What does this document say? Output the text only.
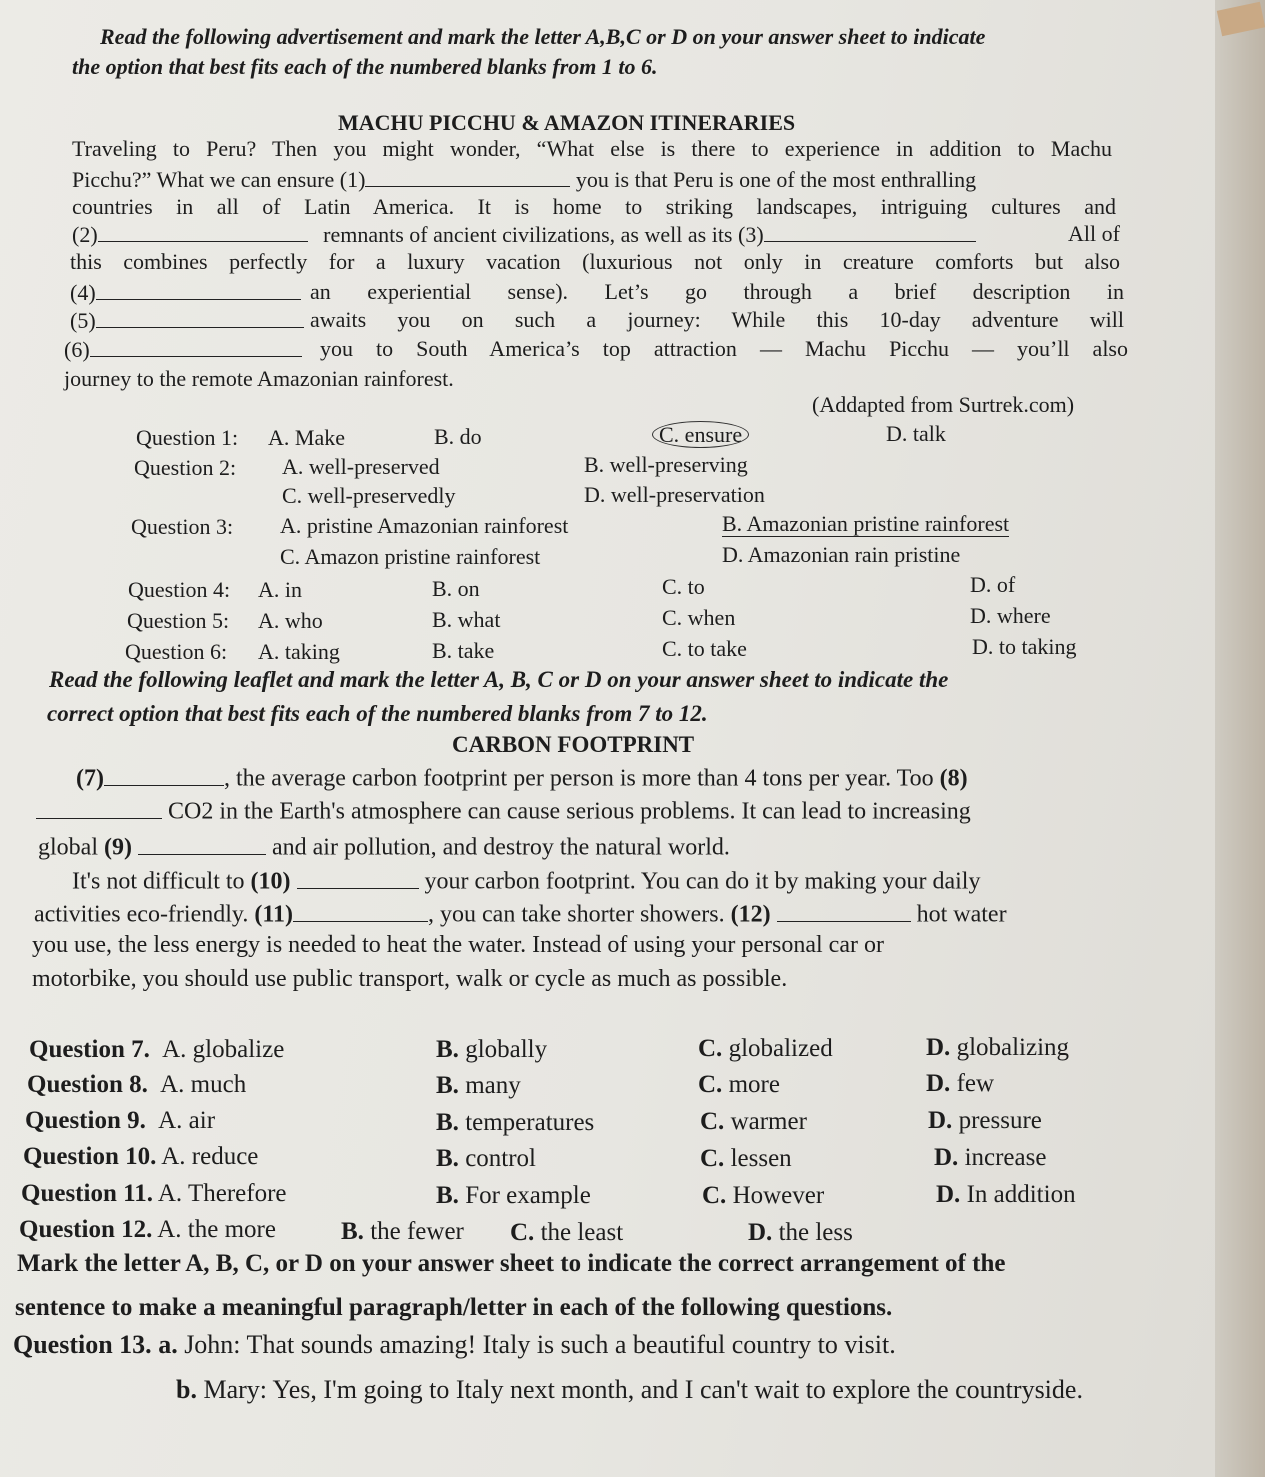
Read the following advertisement and mark the letter A,B,C or D on your answer sheet to indicate
the option that best fits each of the numbered blanks from 1 to 6.
MACHU PICCHU & AMAZON ITINERARIES
Traveling to Peru? Then you might wonder, “What else is there to experience in addition to Machu
Picchu?” What we can ensure (1)	you is that Peru is one of the most enthralling
countries in all of Latin America. It is home to striking landscapes, intriguing cultures and
(2)	remnants of ancient civilizations, as well as its (3)	All of
this combines perfectly for a luxury vacation (luxurious not only in creature comforts but also
(4)	an experiential sense). Let’s go through a brief description in
(5)	awaits you on such a journey: While this 10-day adventure will
(6)	you to South America’s top attraction — Machu Picchu — you’ll also
journey to the remote Amazonian rainforest.
(Addapted from Surtrek.com)
Question 1: A. Make	B. do	C. ensure	D. talk
Question 2: A. well-preserved	B. well-preserving
C. well-preservedly	D. well-preservation
Question 3: A. pristine Amazonian rainforest	B. Amazonian pristine rainforest
C. Amazon pristine rainforest	D. Amazonian rain pristine
Question 4: A. in	B. on	C. to	D. of
Question 5: A. who	B. what	C. when	D. where
Question 6: A. taking	B. take	C. to take	D. to taking
Read the following leaflet and mark the letter A, B, C or D on your answer sheet to indicate the
correct option that best fits each of the numbered blanks from 7 to 12.
CARBON FOOTPRINT
(7)	, the average carbon footprint per person is more than 4 tons per year. Too (8)
CO2 in the Earth's atmosphere can cause serious problems. It can lead to increasing
global (9)	and air pollution, and destroy the natural world.
It's not difficult to (10)	your carbon footprint. You can do it by making your daily
activities eco-friendly. (11)	, you can take shorter showers. (12)	hot water
you use, the less energy is needed to heat the water. Instead of using your personal car or
motorbike, you should use public transport, walk or cycle as much as possible.
Question 7. A. globalize	B. globally	C. globalized	D. globalizing
Question 8. A. much	B. many	C. more	D. few
Question 9. A. air	B. temperatures	C. warmer	D. pressure
Question 10. A. reduce	B. control	C. lessen	D. increase
Question 11. A. Therefore	B. For example	C. However	D. In addition
Question 12. A. the more	B. the fewer C. the least	D. the less
Mark the letter A, B, C, or D on your answer sheet to indicate the correct arrangement of the
sentence to make a meaningful paragraph/letter in each of the following questions.
Question 13. a. John: That sounds amazing! Italy is such a beautiful country to visit.
b. Mary: Yes, I'm going to Italy next month, and I can't wait to explore the countryside.
